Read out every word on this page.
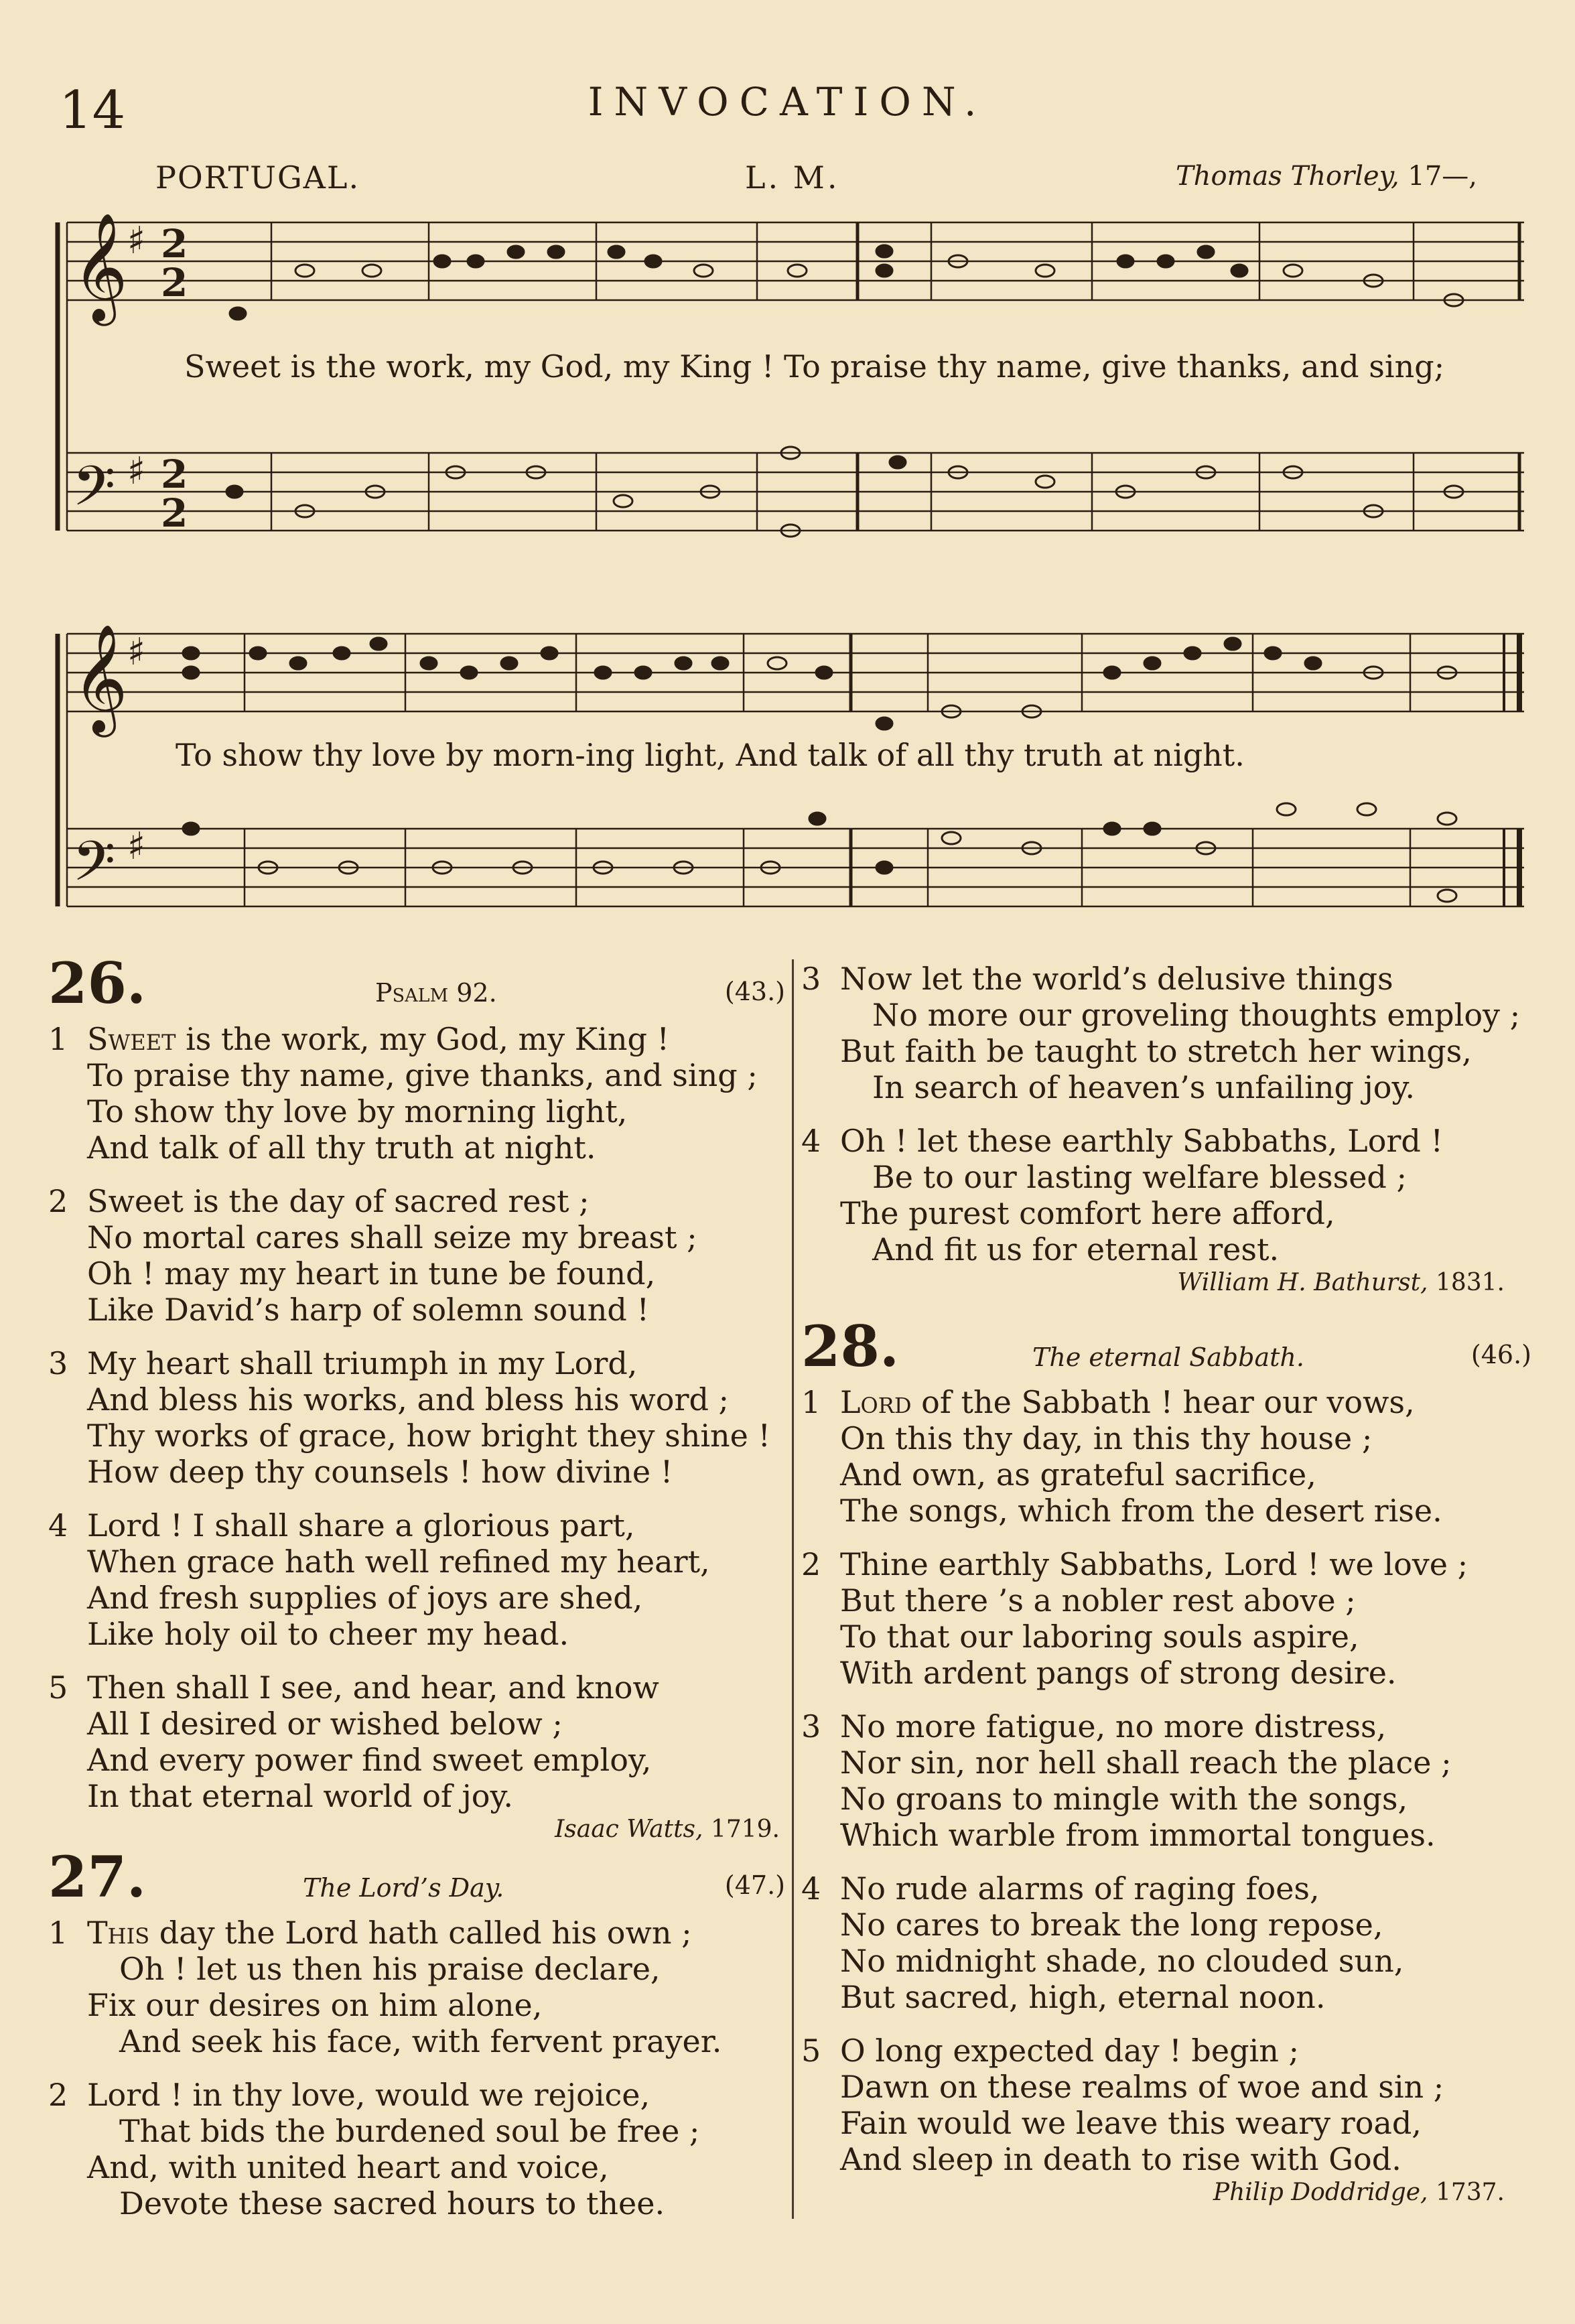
14	INVOCATION.
PORTUGAL.	L. M.	Thomas Thorley, 17—,
𝄞
𝄢
𝄞
𝄢
♯ 2
2
♯ 2
2
♯
♯
Sweet is the work, my God, my King ! To praise thy name, give thanks, and sing;
To show thy love by morn-ing light, And talk of all thy truth at night.
26.	Psalm 92.	(43.)
1 Sweet is the work, my God, my King !
To praise thy name, give thanks, and sing ;
To show thy love by morning light,
And talk of all thy truth at night.
2 Sweet is the day of sacred rest ;
No mortal cares shall seize my breast ;
Oh ! may my heart in tune be found,
Like David’s harp of solemn sound !
3 My heart shall triumph in my Lord,
And bless his works, and bless his word ;
Thy works of grace, how bright they shine !
How deep thy counsels ! how divine !
4 Lord ! I shall share a glorious part,
When grace hath well refined my heart,
And fresh supplies of joys are shed,
Like holy oil to cheer my head.
5 Then shall I see, and hear, and know
All I desired or wished below ;
And every power find sweet employ,
In that eternal world of joy.
Isaac Watts, 1719.
27.	The Lord’s Day.	(47.)
1 This day the Lord hath called his own ;
Oh ! let us then his praise declare,
Fix our desires on him alone,
And seek his face, with fervent prayer.
2 Lord ! in thy love, would we rejoice,
That bids the burdened soul be free ;
And, with united heart and voice,
Devote these sacred hours to thee.
3 Now let the world’s delusive things
No more our groveling thoughts employ ;
But faith be taught to stretch her wings,
In search of heaven’s unfailing joy.
4 Oh ! let these earthly Sabbaths, Lord !
Be to our lasting welfare blessed ;
The purest comfort here afford,
And fit us for eternal rest.
William H. Bathurst, 1831.
28.	The eternal Sabbath.	(46.)
1 Lord of the Sabbath ! hear our vows,
On this thy day, in this thy house ;
And own, as grateful sacrifice,
The songs, which from the desert rise.
2 Thine earthly Sabbaths, Lord ! we love ;
But there ’s a nobler rest above ;
To that our laboring souls aspire,
With ardent pangs of strong desire.
3 No more fatigue, no more distress,
Nor sin, nor hell shall reach the place ;
No groans to mingle with the songs,
Which warble from immortal tongues.
4 No rude alarms of raging foes,
No cares to break the long repose,
No midnight shade, no clouded sun,
But sacred, high, eternal noon.
5 O long expected day ! begin ;
Dawn on these realms of woe and sin ;
Fain would we leave this weary road,
And sleep in death to rise with God.
Philip Doddridge, 1737.
